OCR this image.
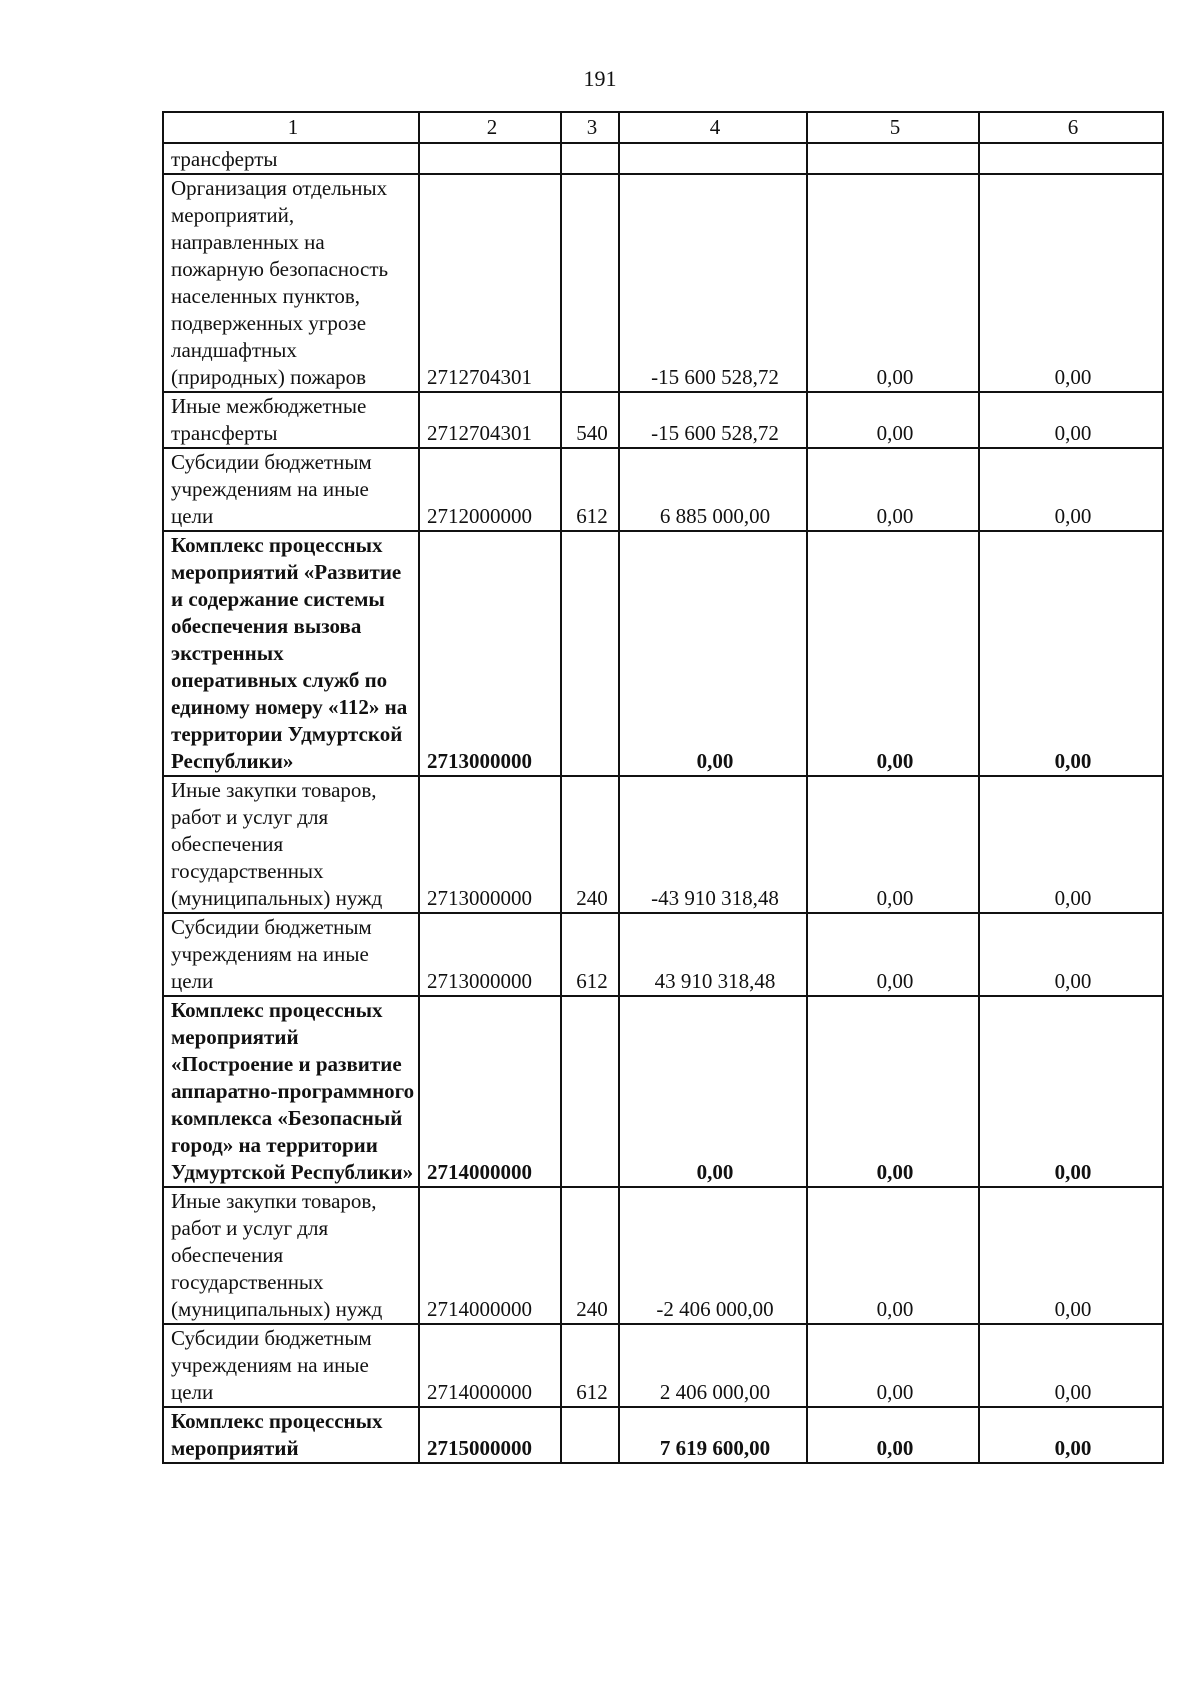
191
1	2	3	4	5	6
трансферты					
Организация отдельных мероприятий, направленных на пожарную безопасность населенных пунктов, подверженных угрозе ландшафтных (природных) пожаров	2712704301		-15 600 528,72	0,00	0,00
Иные межбюджетные трансферты	2712704301	540	-15 600 528,72	0,00	0,00
Субсидии бюджетным учреждениям на иные цели	2712000000	612	6 885 000,00	0,00	0,00
Комплекс процессных мероприятий «Развитие и содержание системы обеспечения вызова экстренных оперативных служб по единому номеру «112» на территории Удмуртской Республики»	2713000000		0,00	0,00	0,00
Иные закупки товаров, работ и услуг для обеспечения государственных (муниципальных) нужд	2713000000	240	-43 910 318,48	0,00	0,00
Субсидии бюджетным учреждениям на иные цели	2713000000	612	43 910 318,48	0,00	0,00
Комплекс процессных мероприятий «Построение и развитие аппаратно-программного комплекса «Безопасный город» на территории Удмуртской Республики»	2714000000		0,00	0,00	0,00
Иные закупки товаров, работ и услуг для обеспечения государственных (муниципальных) нужд	2714000000	240	-2 406 000,00	0,00	0,00
Субсидии бюджетным учреждениям на иные цели	2714000000	612	2 406 000,00	0,00	0,00
Комплекс процессных мероприятий	2715000000		7 619 600,00	0,00	0,00
